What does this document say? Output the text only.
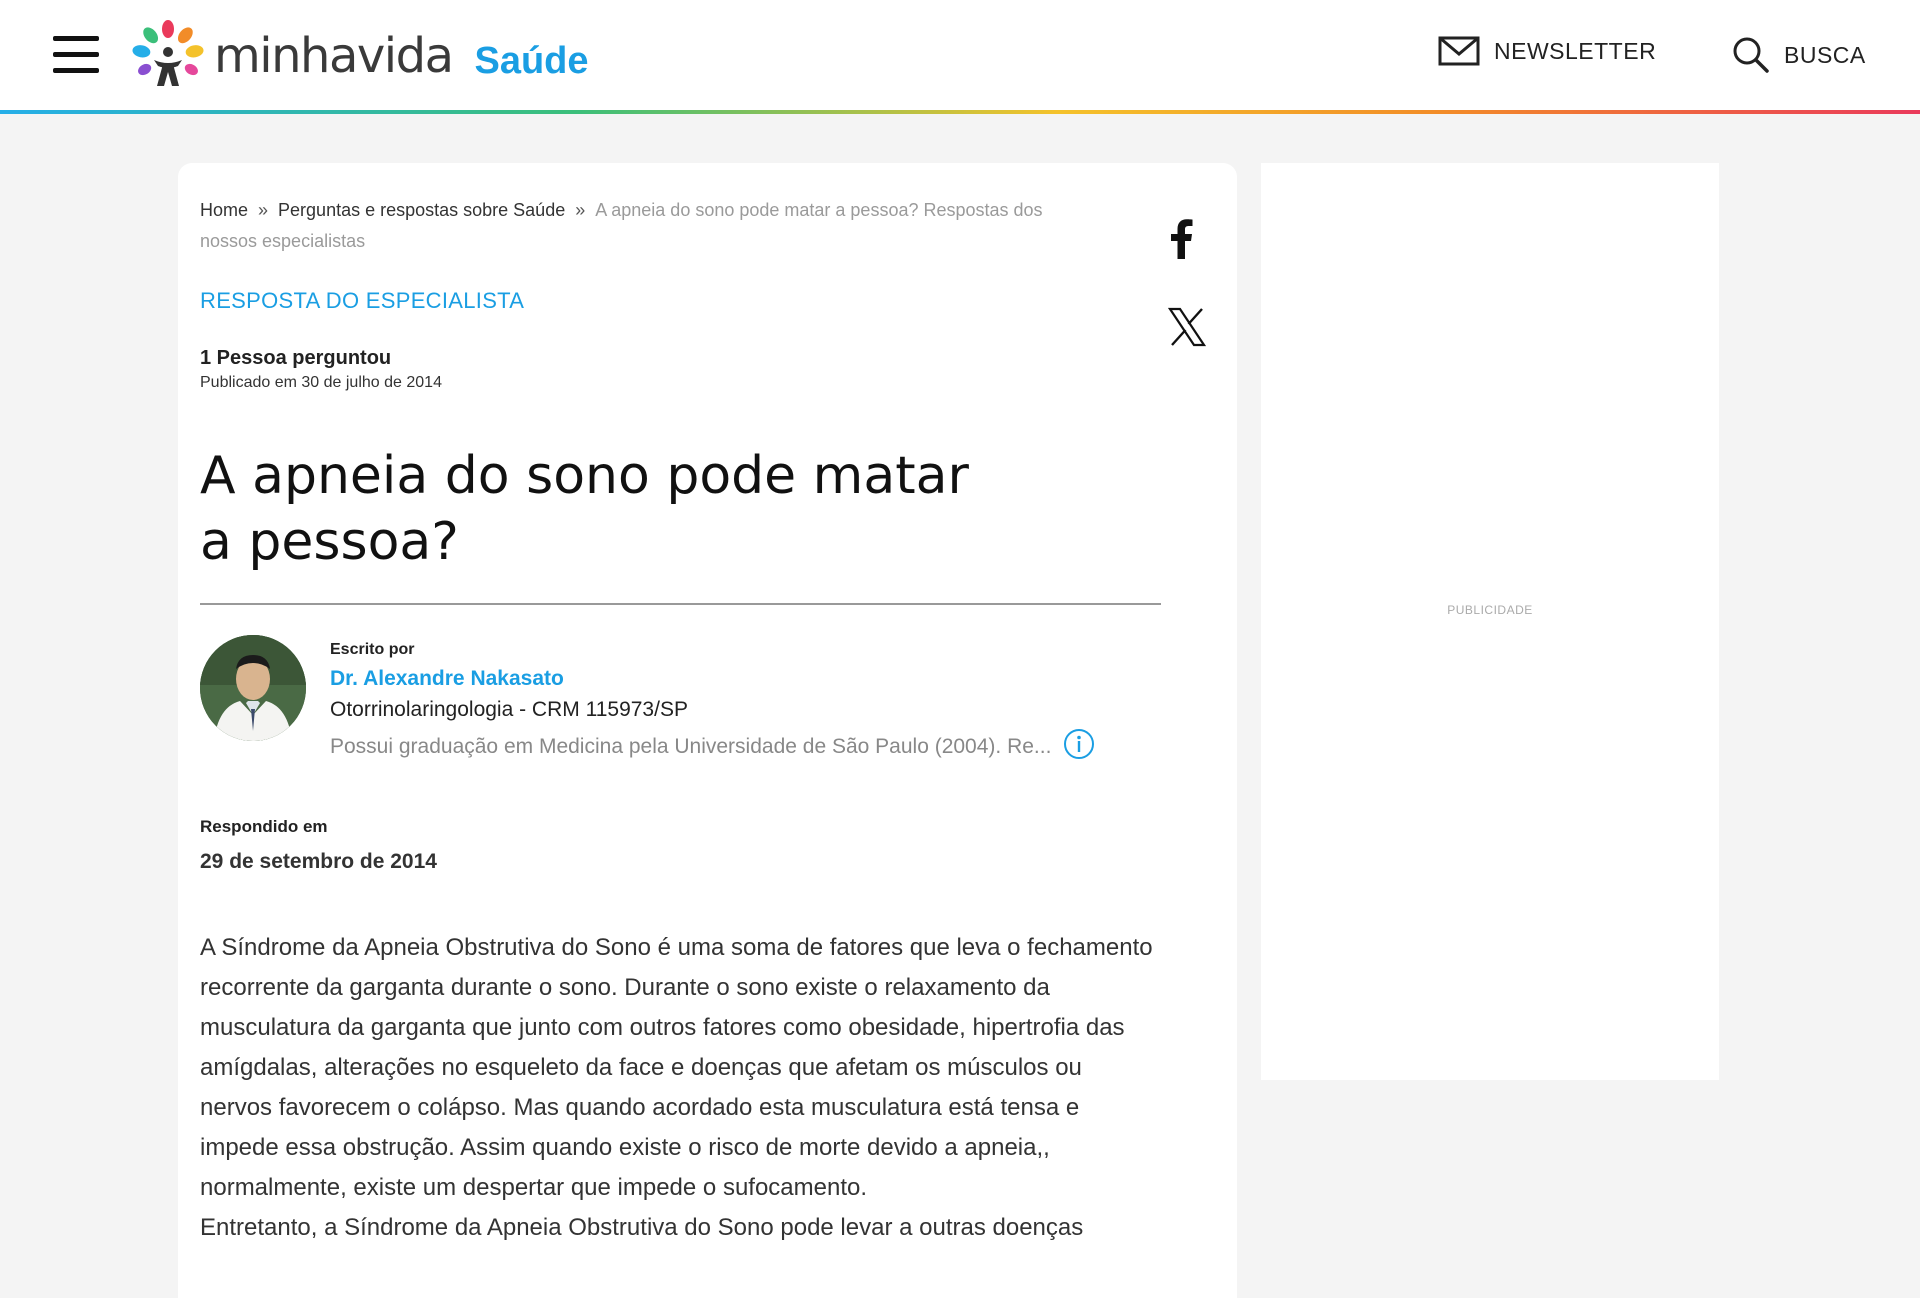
minhavida Saúde	NEWSLETTER	BUSCA
Home » Perguntas e respostas sobre Saúde » A apneia do sono pode matar a pessoa? Respostas dos nossos especialistas
RESPOSTA DO ESPECIALISTA
1 Pessoa perguntou
Publicado em 30 de julho de 2014
A apneia do sono pode matar a pessoa?
Escrito por
Dr. Alexandre Nakasato
Otorrinolaringologia - CRM 115973/SP
Possui graduação em Medicina pela Universidade de São Paulo (2004). Re...
Respondido em
29 de setembro de 2014

A Síndrome da Apneia Obstrutiva do Sono é uma soma de fatores que leva o fechamento recorrente da garganta durante o sono. Durante o sono existe o relaxamento da musculatura da garganta que junto com outros fatores como obesidade, hipertrofia das amígdalas, alterações no esqueleto da face e doenças que afetam os músculos ou nervos favorecem o colápso. Mas quando acordado esta musculatura está tensa e impede essa obstrução. Assim quando existe o risco de morte devido a apneia,, normalmente, existe um despertar que impede o sufocamento.

Entretanto, a Síndrome da Apneia Obstrutiva do Sono pode levar a outras doenças

PUBLICIDADE
